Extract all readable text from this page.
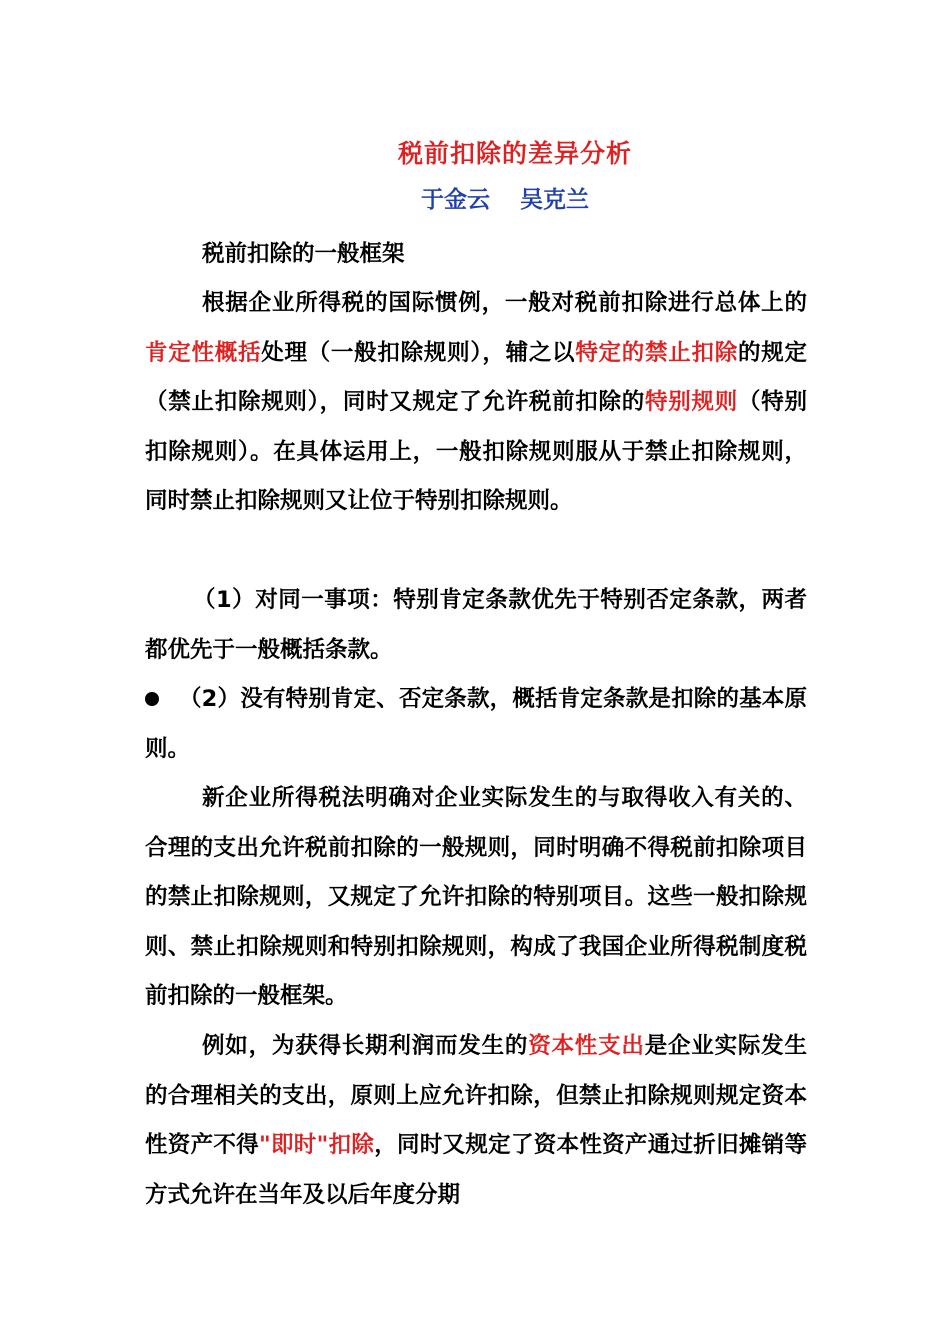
税前扣除的差异分析
于金云 吴克兰
税前扣除的一般框架
根据企业所得税的国际惯例，一般对税前扣除进行总体上的肯定性概括处理（一般扣除规则），辅之以特定的禁止扣除的规定（禁止扣除规则），同时又规定了允许税前扣除的特别规则（特别扣除规则）。在具体运用上，一般扣除规则服从于禁止扣除规则，同时禁止扣除规则又让位于特别扣除规则。
（1）对同一事项：特别肯定条款优先于特别否定条款，两者都优先于一般概括条款。
（2）没有特别肯定、否定条款，概括肯定条款是扣除的基本原则。
新企业所得税法明确对企业实际发生的与取得收入有关的、合理的支出允许税前扣除的一般规则，同时明确不得税前扣除项目的禁止扣除规则，又规定了允许扣除的特别项目。这些一般扣除规则、禁止扣除规则和特别扣除规则，构成了我国企业所得税制度税前扣除的一般框架。
例如，为获得长期利润而发生的资本性支出是企业实际发生的合理相关的支出，原则上应允许扣除，但禁止扣除规则规定资本性资产不得"即时"扣除，同时又规定了资本性资产通过折旧摊销等方式允许在当年及以后年度分期
